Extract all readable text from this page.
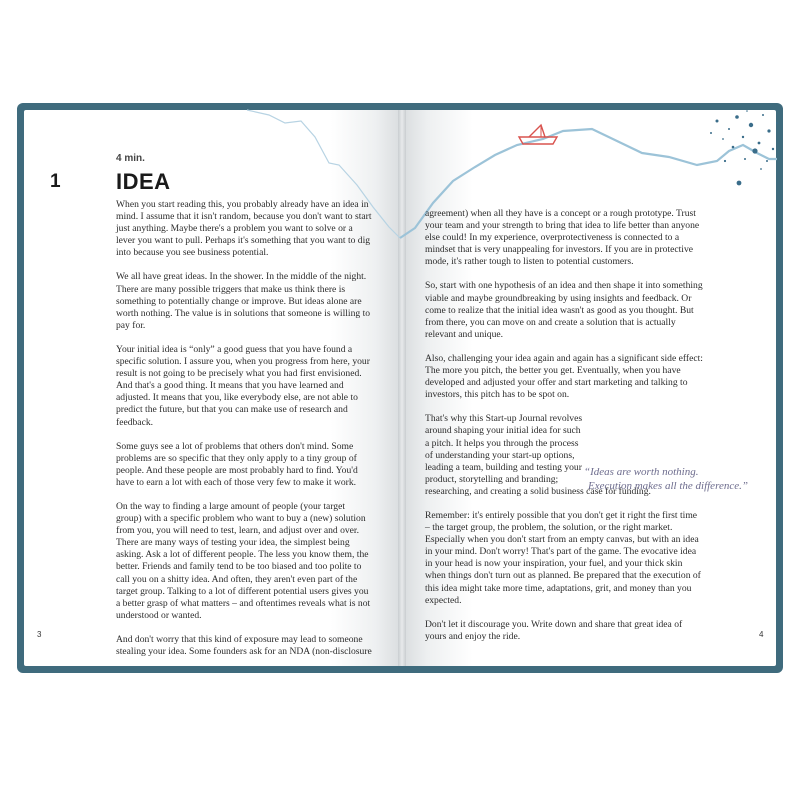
4 min.
1	IDEA

When you start reading this, you probably already have an idea in mind. I assume that it isn't random, because you don't want to start just anything. Maybe there's a problem you want to solve or a lever you want to pull. Perhaps it's something that you want to dig into because you see business potential.

We all have great ideas. In the shower. In the middle of the night. There are many possible triggers that make us think there is something to potentially change or improve. But ideas alone are worth nothing. The value is in solutions that someone is willing to pay for.

Your initial idea is “only” a good guess that you have found a specific solution. I assure you, when you progress from here, your result is not going to be precisely what you had first envisioned. And that's a good thing. It means that you have learned and adjusted. It means that you, like everybody else, are not able to predict the future, but that you can make use of research and feedback.

Some guys see a lot of problems that others don't mind. Some problems are so specific that they only apply to a tiny group of people. And these people are most probably hard to find. You'd have to earn a lot with each of those very few to make it work.

On the way to finding a large amount of people (your target group) with a specific problem who want to buy a (new) solution from you, you will need to test, learn, and adjust over and over. There are many ways of testing your idea, the simplest being asking. Ask a lot of different people. The less you know them, the better. Friends and family tend to be too biased and too polite to call you on a shitty idea. And often, they aren't even part of the target group. Talking to a lot of different potential users gives you a better grasp of what matters – and oftentimes reveals what is not understood or wanted.

And don't worry that this kind of exposure may lead to someone stealing your idea. Some founders ask for an NDA (non-disclosure

agreement) when all they have is a concept or a rough prototype. Trust your team and your strength to bring that idea to life better than anyone else could! In my experience, overprotectiveness is connected to a mindset that is very unappealing for investors. If you are in protective mode, it's rather tough to listen to potential customers.

So, start with one hypothesis of an idea and then shape it into something viable and maybe groundbreaking by using insights and feedback. Or come to realize that the initial idea wasn't as good as you thought. But from there, you can move on and create a solution that is actually relevant and unique.

Also, challenging your idea again and again has a significant side effect: The more you pitch, the better you get. Eventually, when you have developed and adjusted your offer and start marketing and talking to investors, this pitch has to be spot on.

That's why this Start-up Journal revolves around shaping your initial idea for such a pitch. It helps you through the process of understanding your start-up options, leading a team, building and testing your product, storytelling and branding;
researching, and creating a solid business case for funding.

Remember: it's entirely possible that you don't get it right the first time – the target group, the problem, the solution, or the right market. Especially when you don't start from an empty canvas, but with an idea in your mind. Don't worry! That's part of the game. The evocative idea in your head is now your inspiration, your fuel, and your thick skin when things don't turn out as planned. Be prepared that the execution of this idea might take more time, adaptations, grit, and money than you expected.

Don't let it discourage you. Write down and share that great idea of yours and enjoy the ride.

“Ideas are worth nothing.
Execution makes all the difference.”
3	4
